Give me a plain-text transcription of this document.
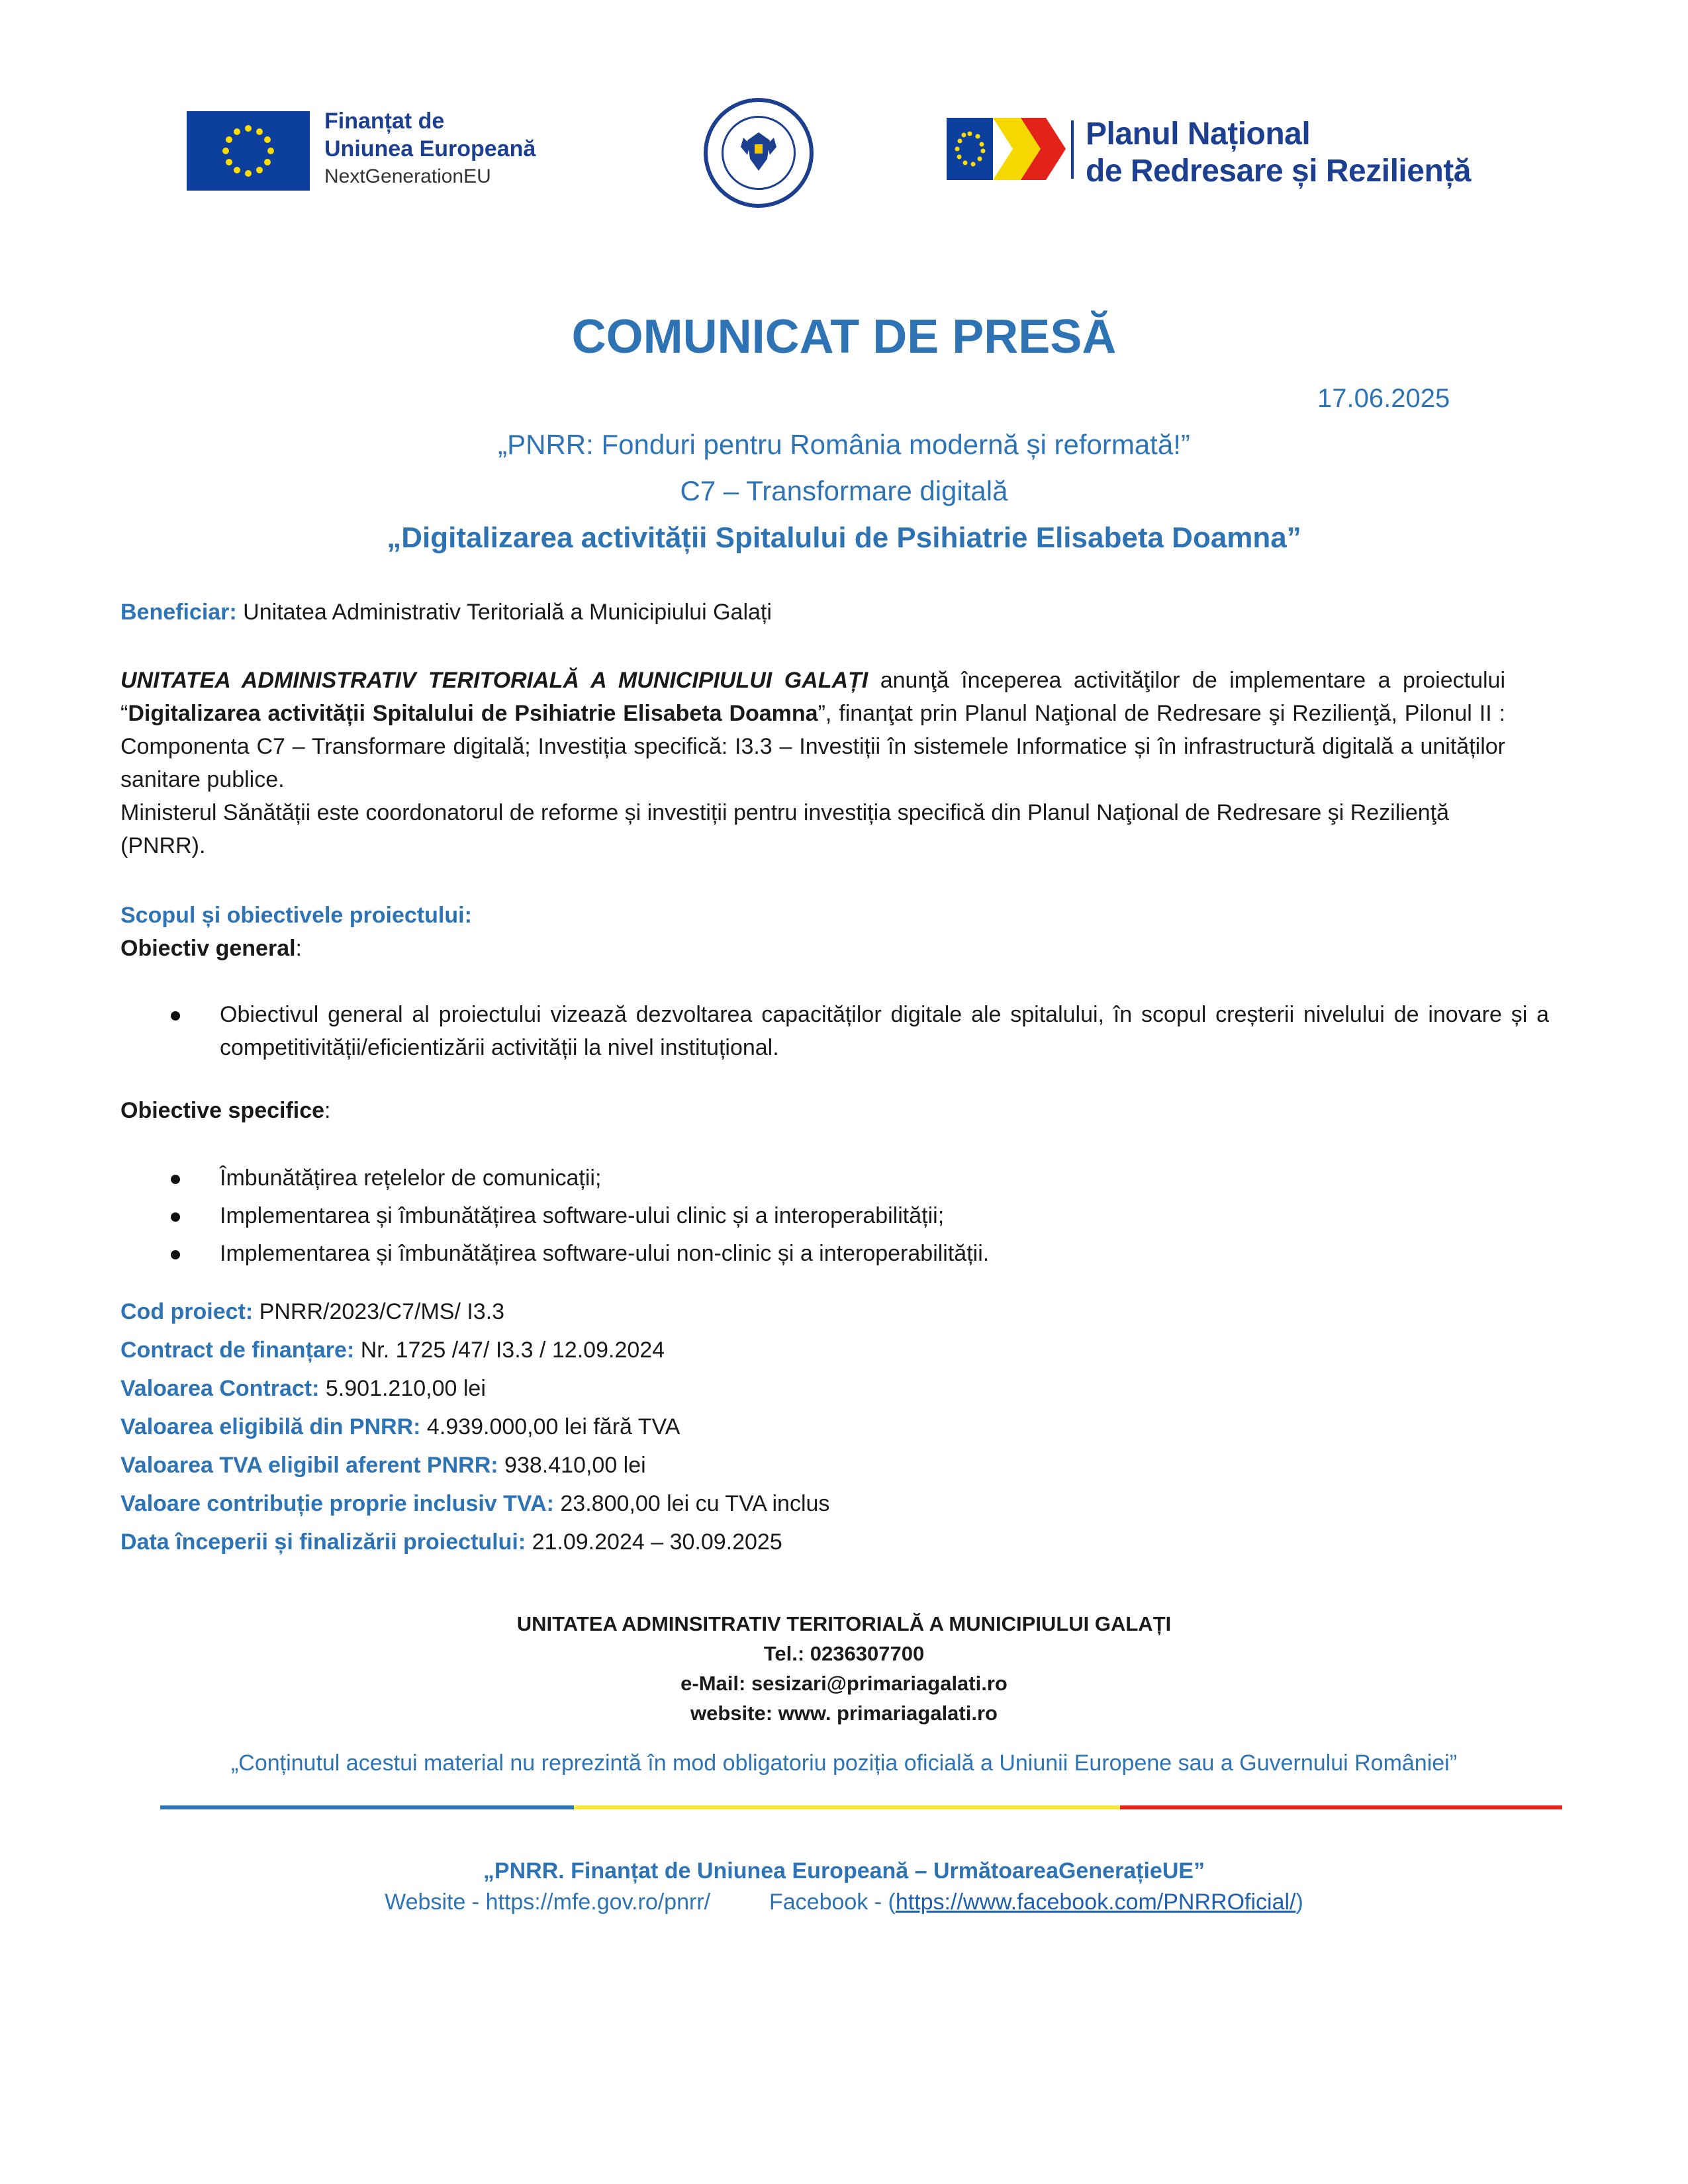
Finanțat de
Uniunea Europeană
NextGenerationEU
Planul Național
de Redresare și Reziliență
COMUNICAT DE PRESĂ
17.06.2025
„PNRR: Fonduri pentru România modernă și reformată!”
C7 – Transformare digitală
„Digitalizarea activității Spitalului de Psihiatrie Elisabeta Doamna”
Beneficiar: Unitatea Administrativ Teritorială a Municipiului Galați
UNITATEA ADMINISTRATIV TERITORIALĂ A MUNICIPIULUI GALAȚI anunţă începerea activităţilor de implementare a proiectului “Digitalizarea activității Spitalului de Psihiatrie Elisabeta Doamna”, finanţat prin Planul Naţional de Redresare şi Rezilienţă, Pilonul II : Componenta C7 – Transformare digitală; Investiția specifică: I3.3 – Investiții în sistemele Informatice și în infrastructură digitală a unităților sanitare publice.
Ministerul Sănătății este coordonatorul de reforme și investiții pentru investiția specifică din Planul Naţional de Redresare şi Rezilienţă (PNRR).
Scopul și obiectivele proiectului:
Obiectiv general:
Obiectivul general al proiectului vizează dezvoltarea capacităților digitale ale spitalului, în scopul creșterii nivelului de inovare și a competitivității/eficientizării activității la nivel instituțional.
Obiective specifice:
Îmbunătățirea rețelelor de comunicații;
Implementarea și îmbunătățirea software-ului clinic și a interoperabilității;
Implementarea și îmbunătățirea software-ului non-clinic și a interoperabilității.
Cod proiect: PNRR/2023/C7/MS/ I3.3
Contract de finanțare: Nr. 1725 /47/ I3.3 / 12.09.2024
Valoarea Contract: 5.901.210,00 lei
Valoarea eligibilă din PNRR: 4.939.000,00 lei fără TVA
Valoarea TVA eligibil aferent PNRR: 938.410,00 lei
Valoare contribuție proprie inclusiv TVA: 23.800,00 lei cu TVA inclus
Data începerii și finalizării proiectului: 21.09.2024 – 30.09.2025
UNITATEA ADMINSITRATIV TERITORIALĂ A MUNICIPIULUI GALAȚI
Tel.: 0236307700
e-Mail: sesizari@primariagalati.ro
website: www. primariagalati.ro
„Conținutul acestui material nu reprezintă în mod obligatoriu poziția oficială a Uniunii Europene sau a Guvernului României”
„PNRR. Finanțat de Uniunea Europeană – UrmătoareaGenerațieUE”
Website - https://mfe.gov.ro/pnrr/	Facebook - (https://www.facebook.com/PNRROficial/)
